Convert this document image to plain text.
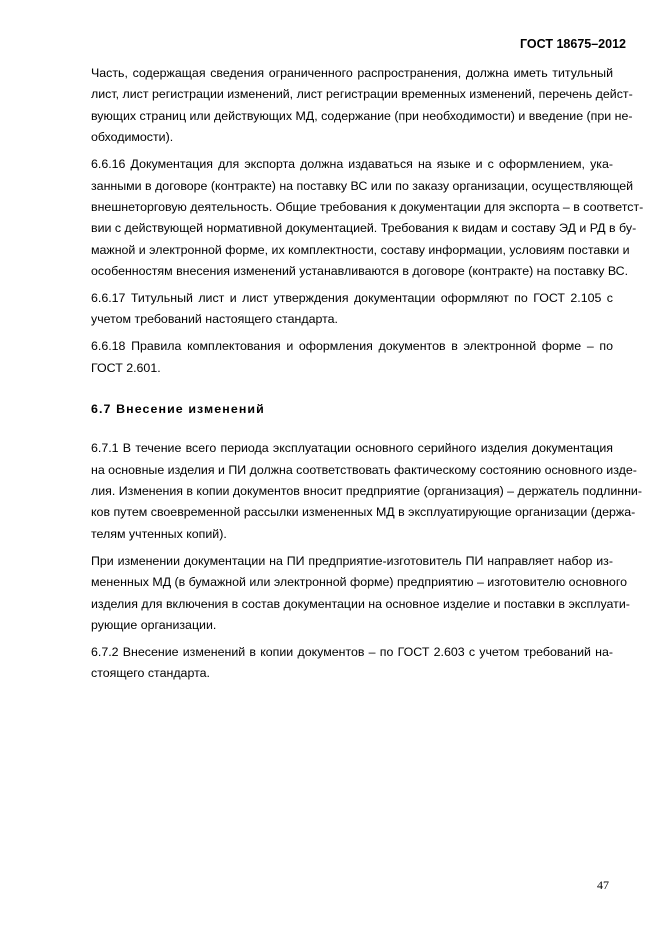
ГОСТ 18675–2012
Часть, содержащая сведения ограниченного распространения, должна иметь титульный
лист, лист регистрации изменений, лист регистрации временных изменений, перечень дейст-
вующих страниц или действующих МД, содержание (при необходимости) и введение (при не-
обходимости).
6.6.16 Документация для экспорта должна издаваться на языке и с оформлением, ука-
занными в договоре (контракте) на поставку ВС или по заказу организации, осуществляющей
внешнеторговую деятельность. Общие требования к документации для экспорта – в соответст-
вии с действующей нормативной документацией. Требования к видам и составу ЭД и РД в бу-
мажной и электронной форме, их комплектности, составу информации, условиям поставки и
особенностям внесения изменений устанавливаются в договоре (контракте) на поставку ВС.
6.6.17 Титульный лист и лист утверждения документации оформляют по ГОСТ 2.105 с
учетом требований настоящего стандарта.
6.6.18 Правила комплектования и оформления документов в электронной форме – по
ГОСТ 2.601.
6.7 Внесение изменений
6.7.1 В течение всего периода эксплуатации основного серийного изделия документация
на основные изделия и ПИ должна соответствовать фактическому состоянию основного изде-
лия. Изменения в копии документов вносит предприятие (организация) – держатель подлинни-
ков путем своевременной рассылки измененных МД в эксплуатирующие организации (держа-
телям учтенных копий).
При изменении документации на ПИ предприятие-изготовитель ПИ направляет набор из-
мененных МД (в бумажной или электронной форме) предприятию – изготовителю основного
изделия для включения в состав документации на основное изделие и поставки в эксплуати-
рующие организации.
6.7.2 Внесение изменений в копии документов – по ГОСТ 2.603 с учетом требований на-
стоящего стандарта.
47
